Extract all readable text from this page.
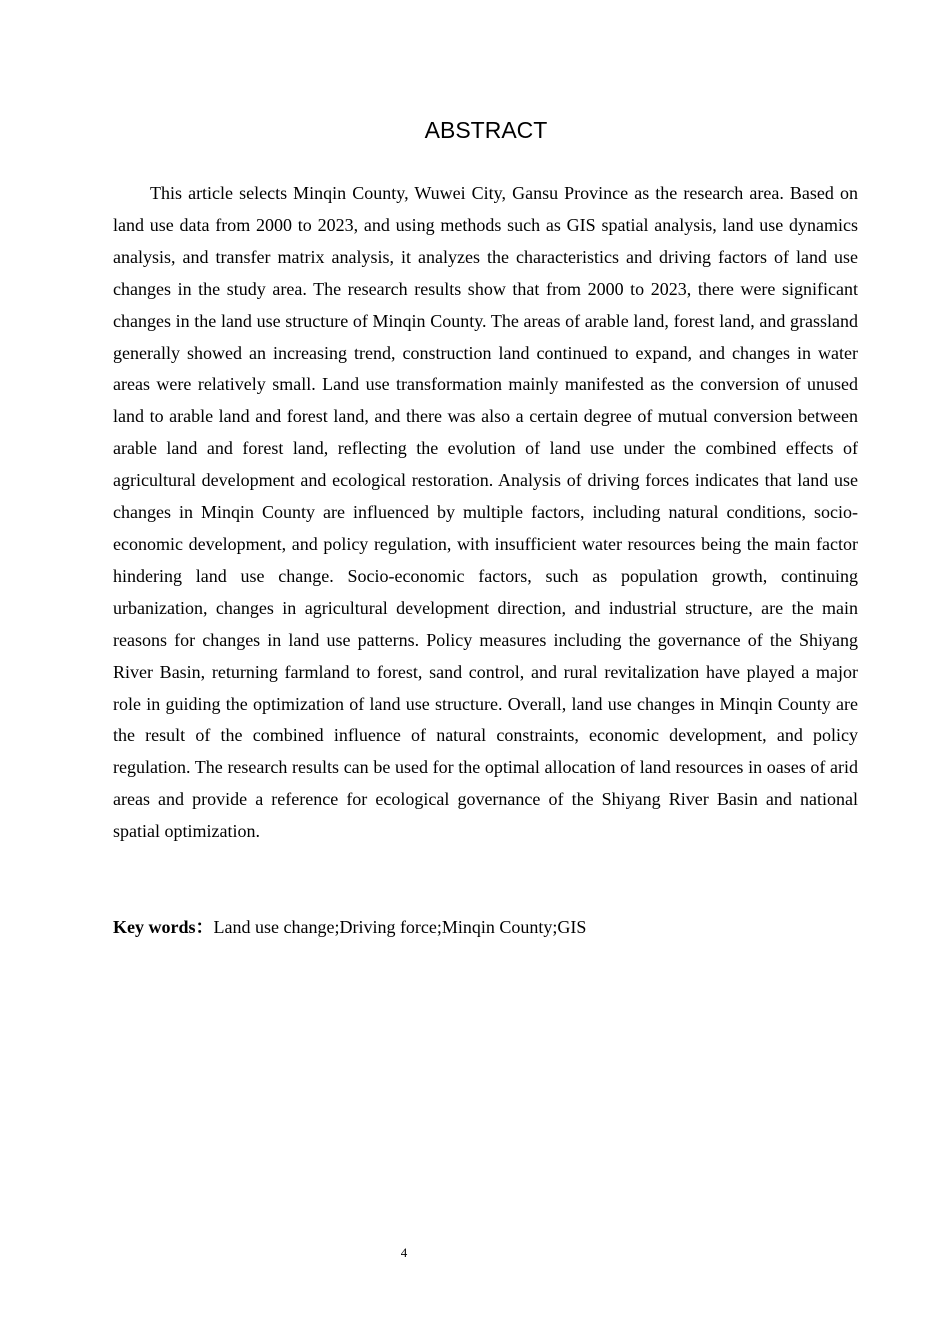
ABSTRACT

This article selects Minqin County, Wuwei City, Gansu Province as the research area. Based on land use data from 2000 to 2023, and using methods such as GIS spatial analysis, land use dynamics analysis, and transfer matrix analysis, it analyzes the characteristics and driving factors of land use changes in the study area. The research results show that from 2000 to 2023, there were significant changes in the land use structure of Minqin County. The areas of arable land, forest land, and grassland generally showed an increasing trend, construction land continued to expand, and changes in water areas were relatively small. Land use transformation mainly manifested as the conversion of unused land to arable land and forest land, and there was also a certain degree of mutual conversion between arable land and forest land, reflecting the evolution of land use under the combined effects of agricultural development and ecological restoration. Analysis of driving forces indicates that land use changes in Minqin County are influenced by multiple factors, including natural conditions, socio-economic development, and policy regulation, with insufficient water resources being the main factor hindering land use change. Socio-economic factors, such as population growth, continuing urbanization, changes in agricultural development direction, and industrial structure, are the main reasons for changes in land use patterns. Policy measures including the governance of the Shiyang River Basin, returning farmland to forest, sand control, and rural revitalization have played a major role in guiding the optimization of land use structure. Overall, land use changes in Minqin County are the result of the combined influence of natural constraints, economic development, and policy regulation. The research results can be used for the optimal allocation of land resources in oases of arid areas and provide a reference for ecological governance of the Shiyang River Basin and national spatial optimization.

Key words：Land use change;Driving force;Minqin County;GIS

4
